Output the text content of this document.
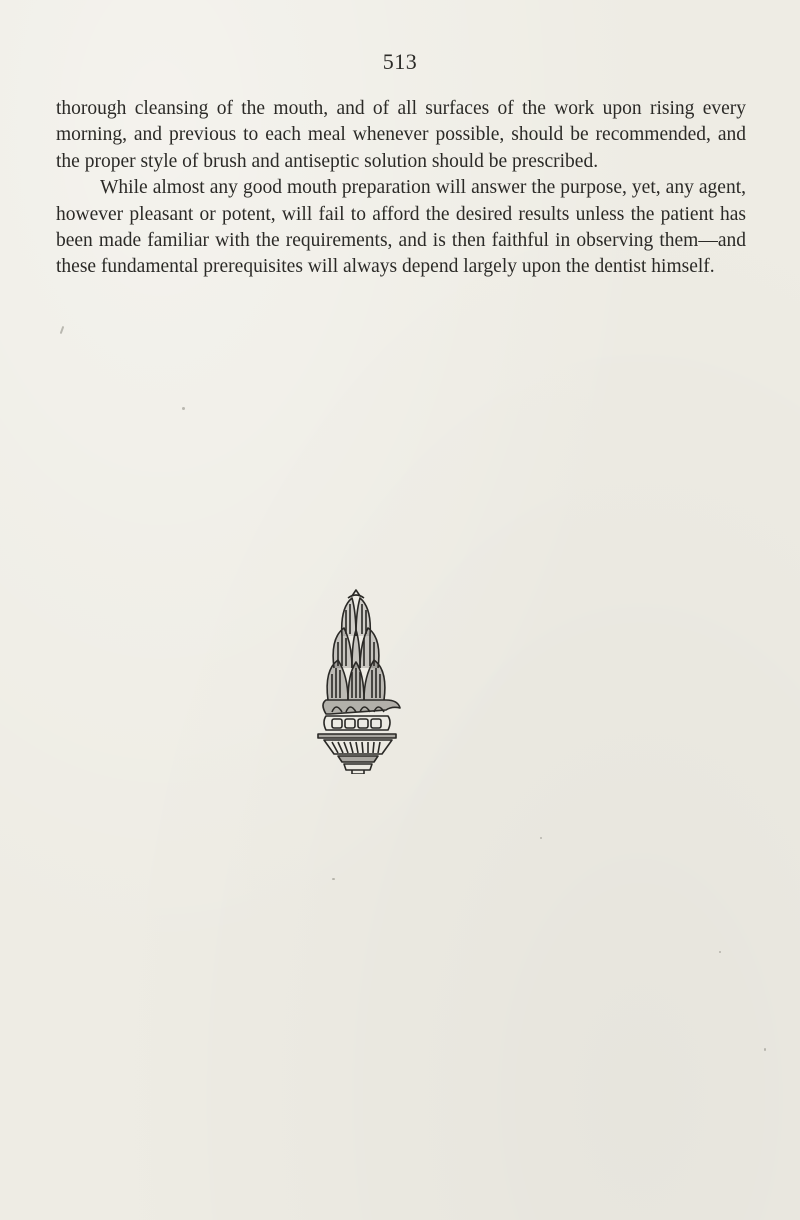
513

thorough cleansing of the mouth, and of all surfaces of the work upon rising every morning, and previous to each meal whenever possible, should be recommended, and the proper style of brush and antiseptic solution should be prescribed.

While almost any good mouth preparation will answer the purpose, yet, any agent, however pleasant or potent, will fail to afford the desired results unless the patient has been made familiar with the requirements, and is then faithful in observing them—and these fundamental prerequisites will always depend largely upon the dentist himself.
